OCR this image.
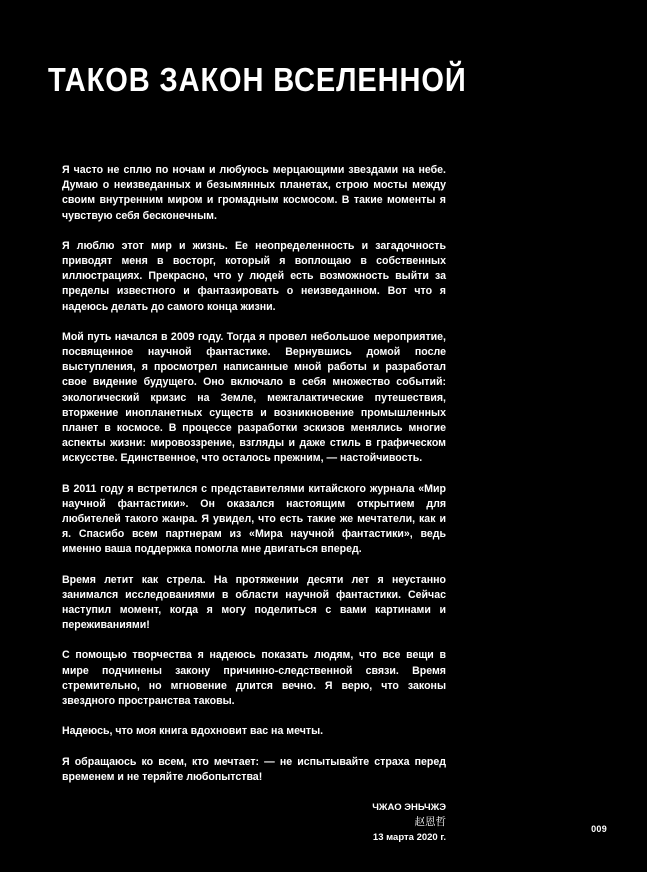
ТАКОВ ЗАКОН ВСЕЛЕННОЙ

Я часто не сплю по ночам и любуюсь мерцающими звездами на небе. Думаю о неизведанных и безымянных планетах, строю мосты между своим внутренним миром и громадным космосом. В такие моменты я чувствую себя бесконечным.

Я люблю этот мир и жизнь. Ее неопределенность и загадочность приводят меня в восторг, который я воплощаю в собственных иллюстрациях. Прекрасно, что у людей есть возможность выйти за пределы известного и фантазировать о неизведанном. Вот что я надеюсь делать до самого конца жизни.

Мой путь начался в 2009 году. Тогда я провел небольшое мероприятие, посвященное научной фантастике. Вернувшись домой после выступления, я просмотрел написанные мной работы и разработал свое видение будущего. Оно включало в себя множество событий: экологический кризис на Земле, межгалактические путешествия, вторжение инопланетных существ и возникновение промышленных планет в космосе. В процессе разработки эскизов менялись многие аспекты жизни: мировоззрение, взгляды и даже стиль в графическом искусстве. Единственное, что осталось прежним, — настойчивость.

В 2011 году я встретился с представителями китайского журнала «Мир научной фантастики». Он оказался настоящим открытием для любителей такого жанра. Я увидел, что есть такие же мечтатели, как и я. Спасибо всем партнерам из «Мира научной фантастики», ведь именно ваша поддержка помогла мне двигаться вперед.

Время летит как стрела. На протяжении десяти лет я неустанно занимался исследованиями в области научной фантастики. Сейчас наступил момент, когда я могу поделиться с вами картинами и переживаниями!

С помощью творчества я надеюсь показать людям, что все вещи в мире подчинены закону причинно-следственной связи. Время стремительно, но мгновение длится вечно. Я верю, что законы звездного пространства таковы.

Надеюсь, что моя книга вдохновит вас на мечты.

Я обращаюсь ко всем, кто мечтает: — не испытывайте страха перед временем и не теряйте любопытства!

ЧЖАО ЭНЬЧЖЭ
赵恩哲
13 марта 2020 г.
009
